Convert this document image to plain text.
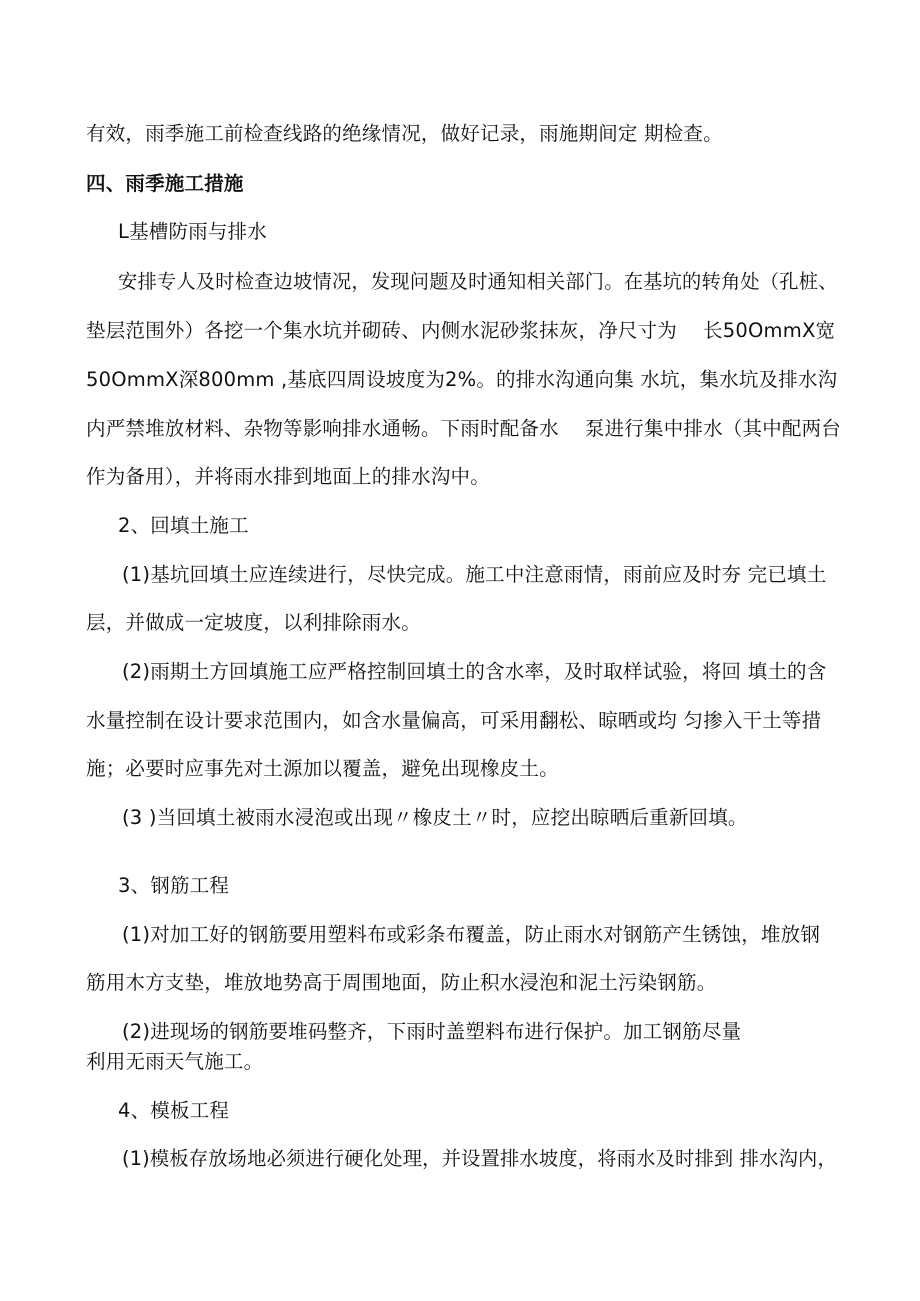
有效，雨季施工前检查线路的绝缘情况，做好记录，雨施期间定 期检查。
四、雨季施工措施
L基槽防雨与排水
安排专人及时检查边坡情况，发现问题及时通知相关部门。在基坑的转角处（孔桩、
垫层范围外）各挖一个集水坑并砌砖、内侧水泥砂浆抹灰，净尺寸为　 长50OmmX宽
50OmmX深800mm ,基底四周设坡度为2%。的排水沟通向集 水坑，集水坑及排水沟
内严禁堆放材料、杂物等影响排水通畅。下雨时配备水　 泵进行集中排水（其中配两台
作为备用），并将雨水排到地面上的排水沟中。
2、回填土施工
(1)基坑回填土应连续进行，尽快完成。施工中注意雨情，雨前应及时夯 完已填土
层，并做成一定坡度，以利排除雨水。
(2)雨期土方回填施工应严格控制回填土的含水率，及时取样试验，将回 填土的含
水量控制在设计要求范围内，如含水量偏高，可采用翻松、晾晒或均 匀掺入干土等措
施；必要时应事先对土源加以覆盖，避免出现橡皮土。
(3 )当回填土被雨水浸泡或出现〃橡皮土〃时，应挖出晾晒后重新回填。
3、钢筋工程
(1)对加工好的钢筋要用塑料布或彩条布覆盖，防止雨水对钢筋产生锈蚀，堆放钢
筋用木方支垫，堆放地势高于周围地面，防止积水浸泡和泥土污染钢筋。
(2)进现场的钢筋要堆码整齐，下雨时盖塑料布进行保护。加工钢筋尽量
利用无雨天气施工。
4、模板工程
(1)模板存放场地必须进行硬化处理，并设置排水坡度，将雨水及时排到 排水沟内，
